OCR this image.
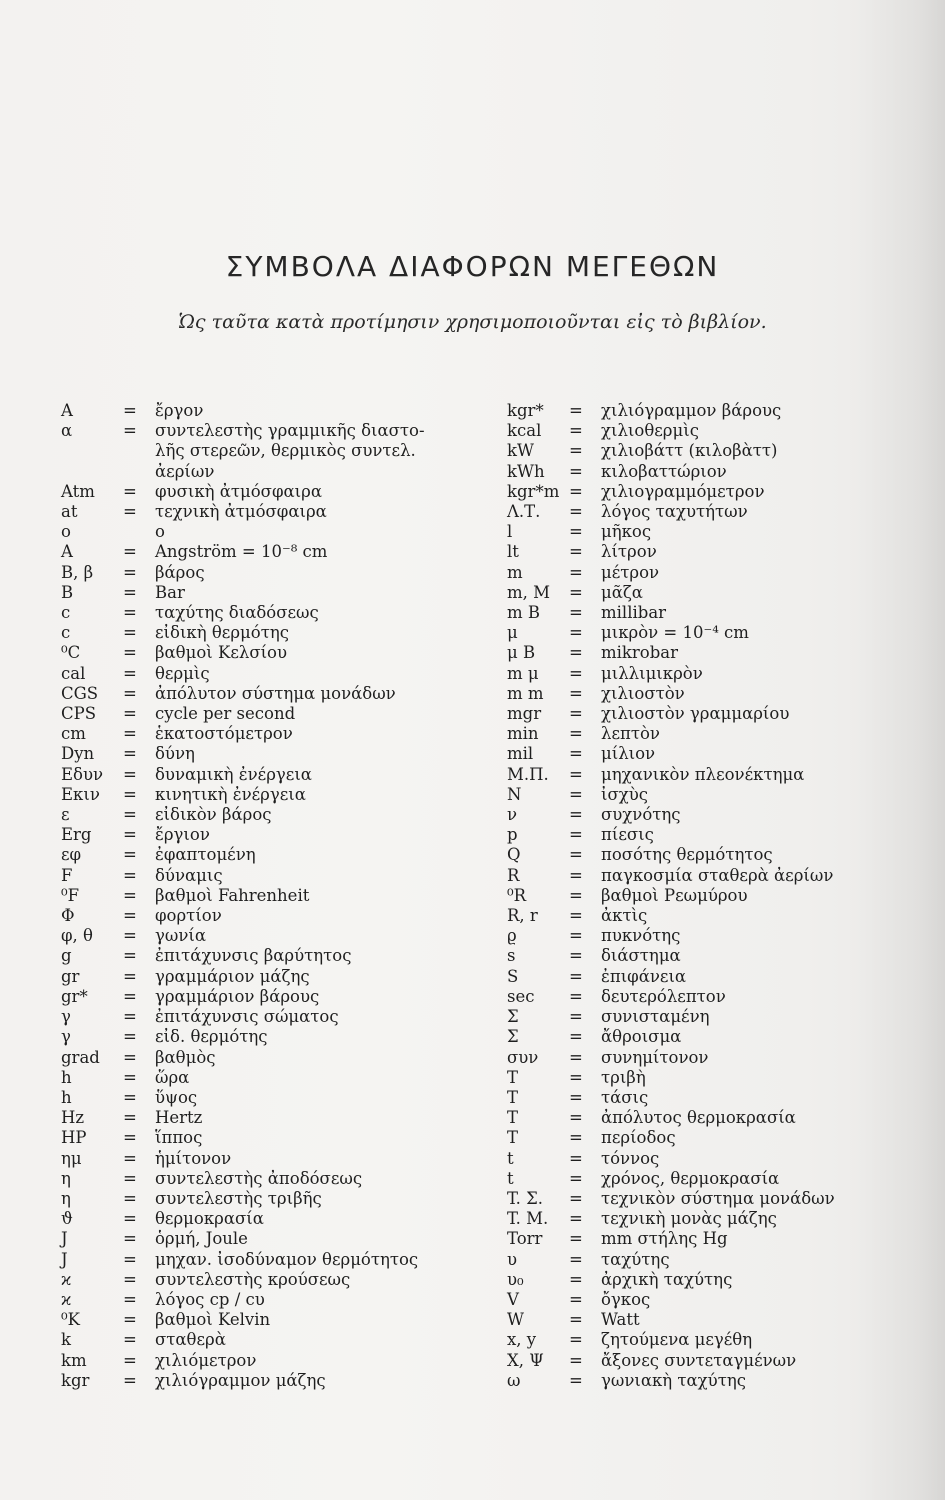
ΣΥΜΒΟΛΑ ΔΙΑΦΟΡΩΝ ΜΕΓΕΘΩΝ

Ὡς ταῦτα κατὰ προτίμησιν χρησιμοποιοῦνται εἰς τὸ βιβλίον.

A	=	ἔργον
α	=	συντελεστὴς γραμμικῆς διαστο-
λῆς στερεῶν, θερμικὸς συντελ.
ἀερίων
Atm	=	φυσικὴ ἀτμόσφαιρα
at	=	τεχνικὴ ἀτμόσφαιρα
o	o
A	=	Angström = 10⁻⁸ cm
B, β	=	βάρος
B	=	Bar
c	=	ταχύτης διαδόσεως
c	=	εἰδικὴ θερμότης
⁰C	=	βαθμοὶ Κελσίου
cal	=	θερμὶς
CGS	=	ἀπόλυτον σύστημα μονάδων
CPS	=	cycle per second
cm	=	ἑκατοστόμετρον
Dyn	=	δύνη
Eδυν	=	δυναμικὴ ἐνέργεια
Eκιν	=	κινητικὴ ἐνέργεια
ε	=	εἰδικὸν βάρος
Erg	=	ἔργιον
εφ	=	ἐφαπτομένη
F	=	δύναμις
⁰F	=	βαθμοὶ Fahrenheit
Φ	=	φορτίον
φ, θ	=	γωνία
g	=	ἐπιτάχυνσις βαρύτητος
gr	=	γραμμάριον μάζης
gr*	=	γραμμάριον βάρους
γ	=	ἐπιτάχυνσις σώματος
γ	=	εἰδ. θερμότης
grad	=	βαθμὸς
h	=	ὥρα
h	=	ὕψος
Hz	=	Hertz
HP	=	ἵππος
ημ	=	ἡμίτονον
η	=	συντελεστὴς ἀποδόσεως
η	=	συντελεστὴς τριβῆς
ϑ	=	θερμοκρασία
J	=	ὁρμή, Joule
J	=	μηχαν. ἰσοδύναμον θερμότητος
ϰ	=	συντελεστὴς κρούσεως
ϰ	=	λόγος cp / cυ
⁰K	=	βαθμοὶ Kelvin
k	=	σταθερὰ
km	=	χιλιόμετρον
kgr	=	χιλιόγραμμον μάζης
kgr*	=	χιλιόγραμμον βάρους
kcal	=	χιλιοθερμὶς
kW	=	χιλιοβάττ (κιλοβὰττ)
kWh	=	κιλοβαττώριον
kgr*m =	χιλιογραμμόμετρον
Λ.Τ.	=	λόγος ταχυτήτων
l	=	μῆκος
lt	=	λίτρον
m	=	μέτρον
m, M	=	μᾶζα
m B	=	millibar
μ	=	μικρὸν = 10⁻⁴ cm
μ B	=	mikrobar
m μ	=	μιλλιμικρὸν
m m	=	χιλιοστὸν
mgr	=	χιλιοστὸν γραμμαρίου
min	=	λεπτὸν
mil	=	μίλιον
M.Π.	=	μηχανικὸν πλεονέκτημα
N	=	ἰσχὺς
ν	=	συχνότης
p	=	πίεσις
Q	=	ποσότης θερμότητος
R	=	παγκοσμία σταθερὰ ἀερίων
⁰R	=	βαθμοὶ Ρεωμύρου
R, r	=	ἀκτὶς
ϱ	=	πυκνότης
s	=	διάστημα
S	=	ἐπιφάνεια
sec	=	δευτερόλεπτον
Σ	=	συνισταμένη
Σ	=	ἄθροισμα
συν	=	συνημίτονον
T	=	τριβὴ
T	=	τάσις
T	=	ἀπόλυτος θερμοκρασία
T	=	περίοδος
t	=	τόννος
t	=	χρόνος, θερμοκρασία
T. Σ.	=	τεχνικὸν σύστημα μονάδων
T. M.	=	τεχνικὴ μονὰς μάζης
Torr	=	mm στήλης Hg
υ	=	ταχύτης
υ₀	=	ἀρχικὴ ταχύτης
V	=	ὄγκος
W	=	Watt
x, y	=	ζητούμενα μεγέθη
X, Ψ	=	ἄξονες συντεταγμένων
ω	=	γωνιακὴ ταχύτης
